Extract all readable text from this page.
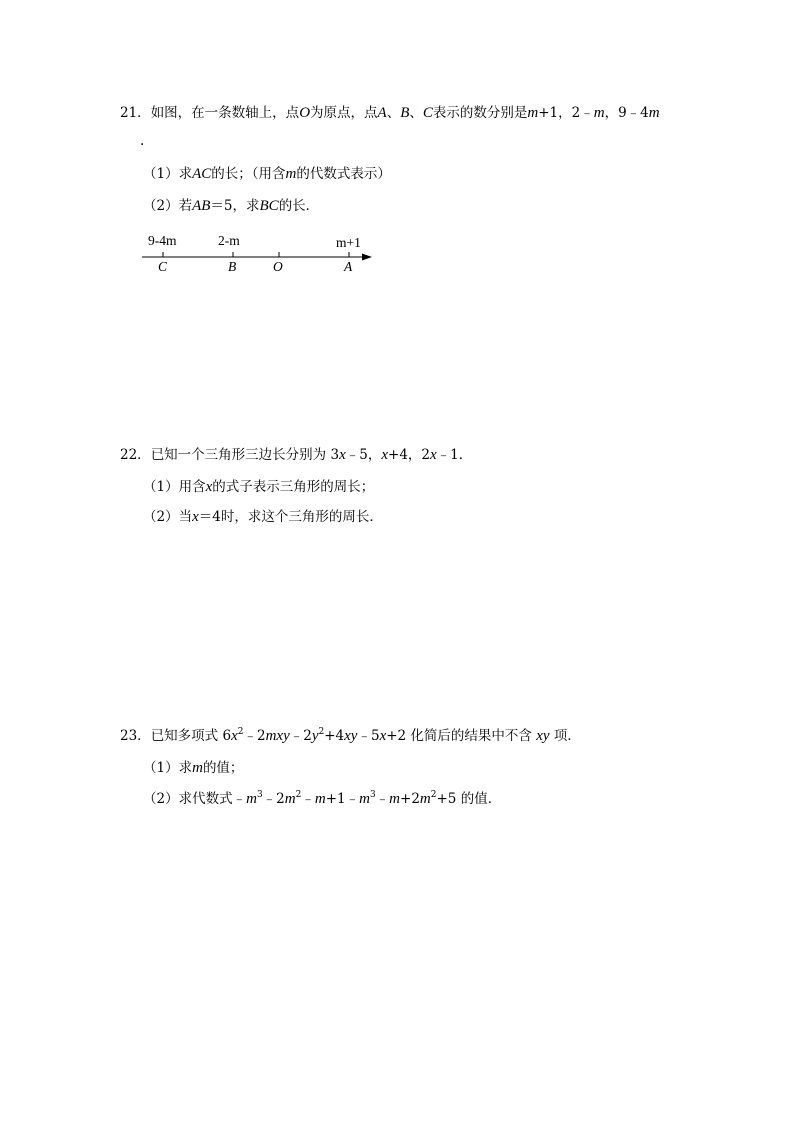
21．如图，在一条数轴上，点O为原点，点A、B、C表示的数分别是m+1，2﹣m，9﹣4m
.
（1）求AC的长；（用含m的代数式表示）
（2）若AB＝5，求BC的长．
9-4m	2-m	m+1
C	B	O	A
22．已知一个三角形三边长分别为 3x﹣5，x+4，2x﹣1．
（1）用含x的式子表示三角形的周长；
（2）当x＝4时，求这个三角形的周长．
23．已知多项式 $6x^2﹣2mxy﹣2y^2+4xy﹣5x+2$ 化简后的结果中不含 xy 项．
（1）求m的值；
（2）求代数式$﹣m^3﹣2m^2﹣m+1﹣m^3﹣m+2m^2+5$ 的值．
